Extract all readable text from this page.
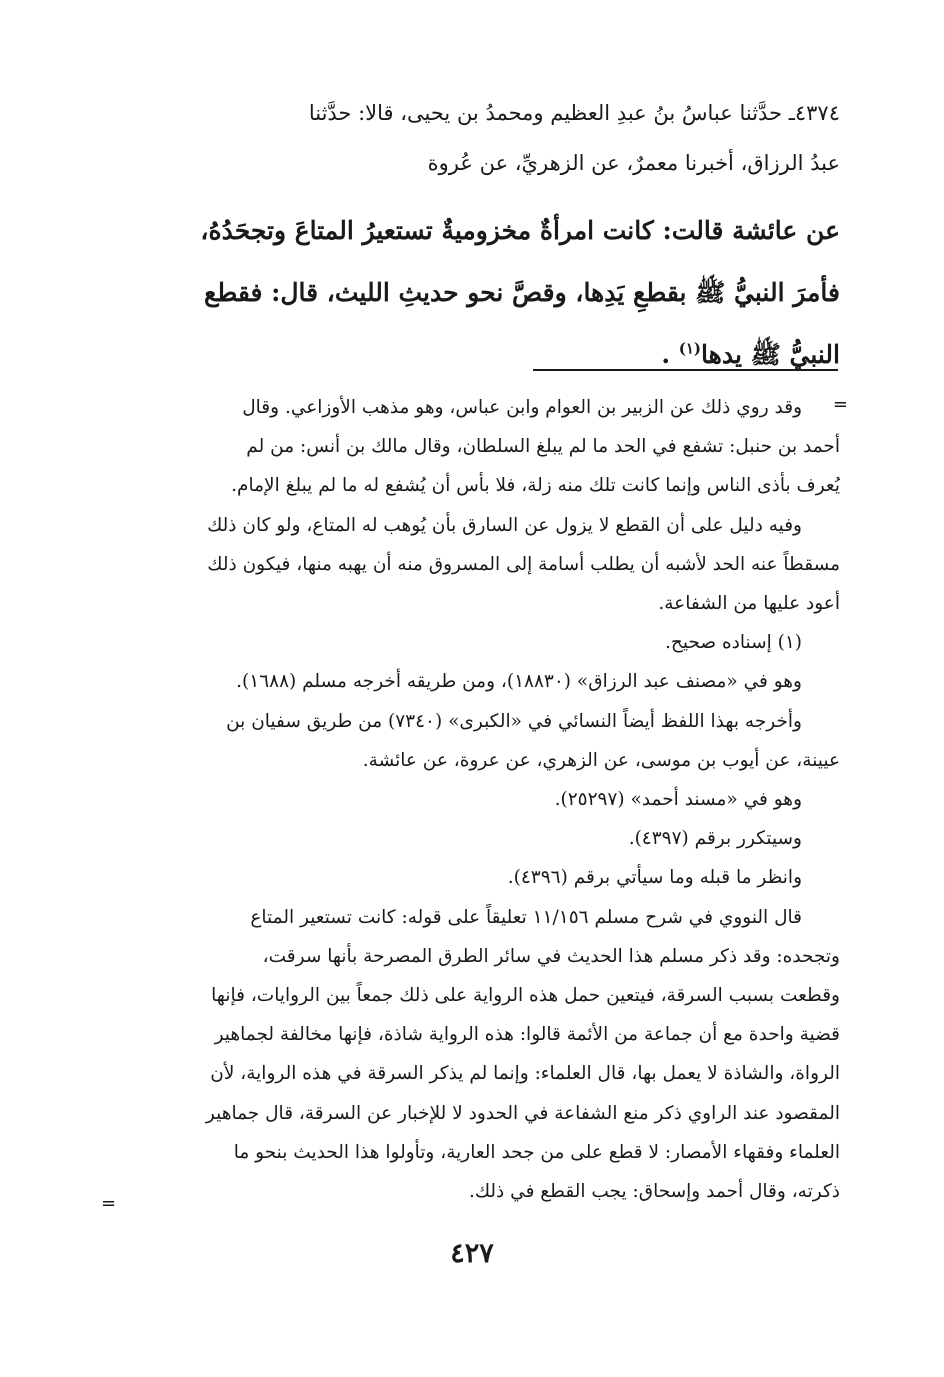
٤٣٧٤ـ حدَّثنا عباسُ بنُ عبدِ العظيم ومحمدُ بن يحيى، قالا: حدَّثنا
عبدُ الرزاق، أخبرنا معمرٌ، عن الزهريِّ، عن عُروة
عن عائشة قالت: كانت امرأةٌ مخزوميةٌ تستعيرُ المتاعَ وتجحَدُهُ،
فأمرَ النبيُّ ﷺ بقطعِ يَدِها، وقصَّ نحو حديثِ الليث، قال: فقطع
النبيُّ ﷺ يدها$^{(١)}$ .
=
وقد روي ذلك عن الزبير بن العوام وابن عباس، وهو مذهب الأوزاعي. وقال
أحمد بن حنبل: تشفع في الحد ما لم يبلغ السلطان، وقال مالك بن أنس: من لم
يُعرف بأذى الناس وإنما كانت تلك منه زلة، فلا بأس أن يُشفع له ما لم يبلغ الإمام.
وفيه دليل على أن القطع لا يزول عن السارق بأن يُوهب له المتاع، ولو كان ذلك
مسقطاً عنه الحد لأشبه أن يطلب أسامة إلى المسروق منه أن يهبه منها، فيكون ذلك
أعود عليها من الشفاعة.
(١) إسناده صحيح.
وهو في «مصنف عبد الرزاق» (١٨٨٣٠)، ومن طريقه أخرجه مسلم (١٦٨٨).
وأخرجه بهذا اللفظ أيضاً النسائي في «الكبرى» (٧٣٤٠) من طريق سفيان بن
عيينة، عن أيوب بن موسى، عن الزهري، عن عروة، عن عائشة.
وهو في «مسند أحمد» (٢٥٢٩٧).
وسيتكرر برقم (٤٣٩٧).
وانظر ما قبله وما سيأتي برقم (٤٣٩٦).
قال النووي في شرح مسلم ١١/١٥٦ تعليقاً على قوله: كانت تستعير المتاع
وتجحده: وقد ذكر مسلم هذا الحديث في سائر الطرق المصرحة بأنها سرقت،
وقطعت بسبب السرقة، فيتعين حمل هذه الرواية على ذلك جمعاً بين الروايات، فإنها
قضية واحدة مع أن جماعة من الأئمة قالوا: هذه الرواية شاذة، فإنها مخالفة لجماهير
الرواة، والشاذة لا يعمل بها، قال العلماء: وإنما لم يذكر السرقة في هذه الرواية، لأن
المقصود عند الراوي ذكر منع الشفاعة في الحدود لا للإخبار عن السرقة، قال جماهير
العلماء وفقهاء الأمصار: لا قطع على من جحد العارية، وتأولوا هذا الحديث بنحو ما
ذكرته، وقال أحمد وإسحاق: يجب القطع في ذلك.
=
٤٢٧
